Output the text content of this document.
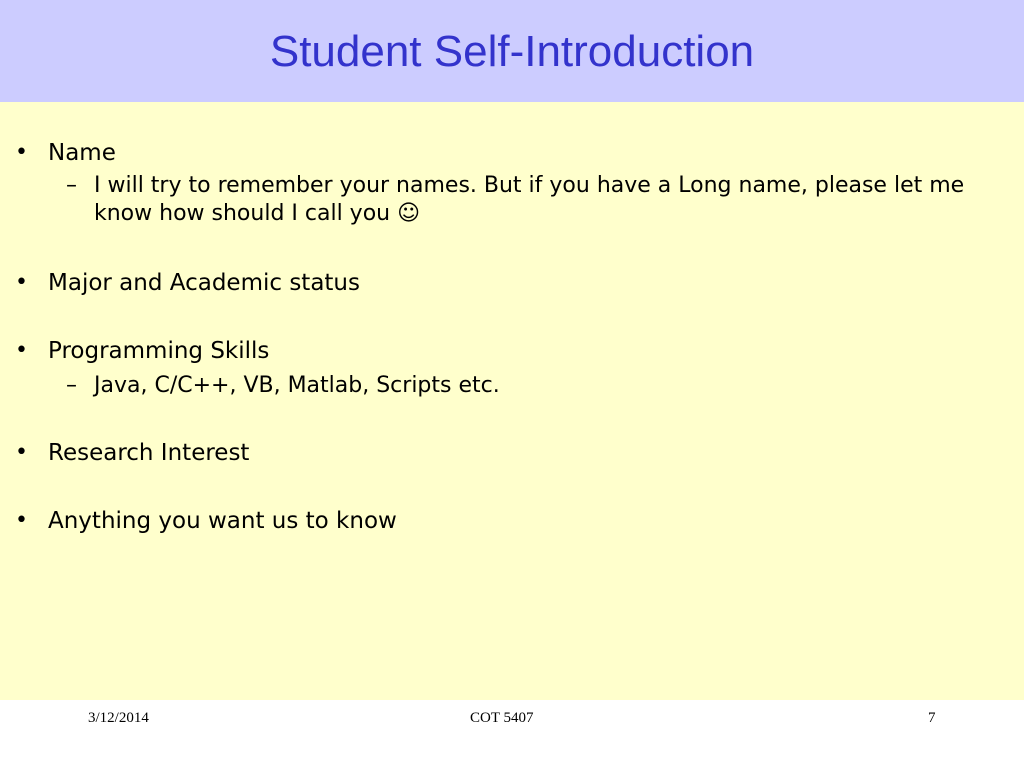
Student Self-Introduction
• Name
– I will try to remember your names. But if you have a Long name, please let me know how should I call you ☺
• Major and Academic status
• Programming Skills
– Java, C/C++, VB, Matlab, Scripts etc.
• Research Interest
• Anything you want us to know
3/12/2014	COT 5407	7
